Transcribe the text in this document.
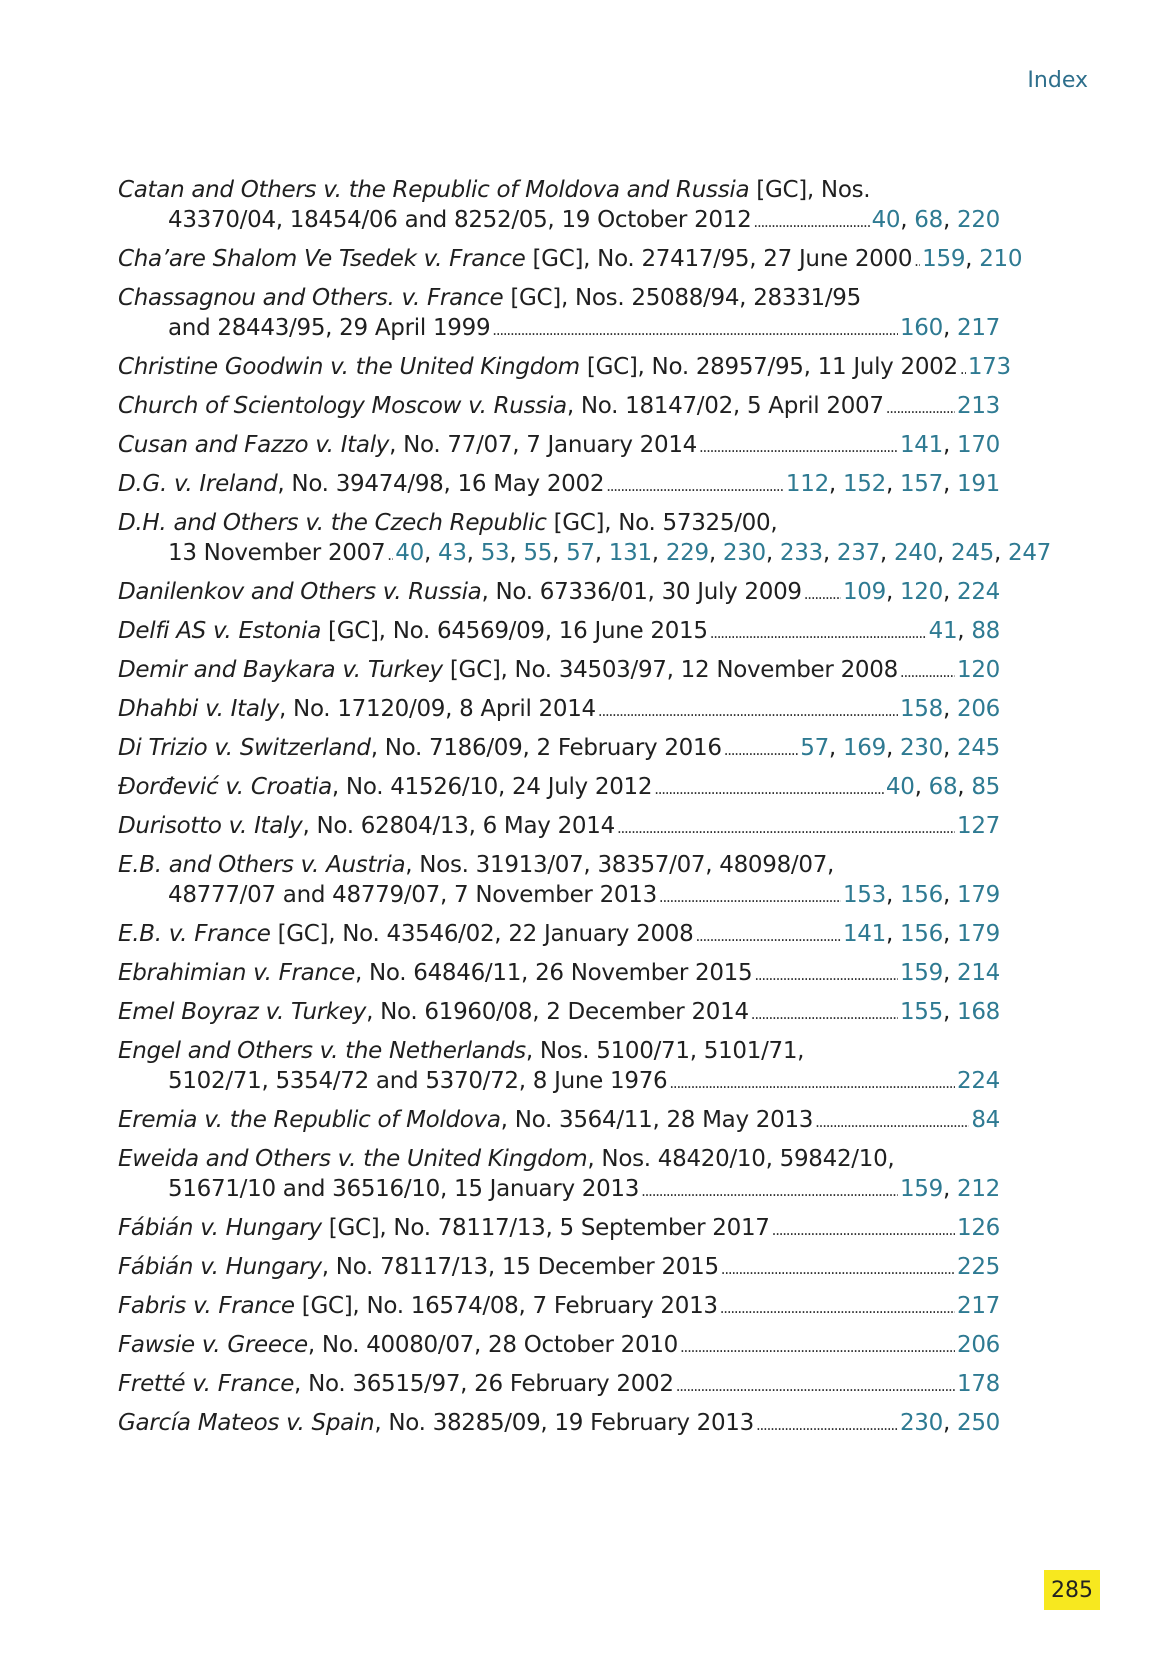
Index
Catan and Others v. the Republic of Moldova and Russia [GC], Nos.
43370/04, 18454/06 and 8252/05, 19 October 2012 . . .	40, 68, 220
Cha’are Shalom Ve Tsedek v. France [GC], No. 27417/95, 27 June 2000 . . . 159, 210
Chassagnou and Others. v. France [GC], Nos. 25088/94, 28331/95
and 28443/95, 29 April 1999 . . .	160, 217
Christine Goodwin v. the United Kingdom [GC], No. 28957/95, 11 July 2002 . . . 173
Church of Scientology Moscow v. Russia , No. 18147/02, 5 April 2007 . . .	213
Cusan and Fazzo v. Italy , No. 77/07, 7 January 2014 . . .	141, 170
D.G. v. Ireland , No. 39474/98, 16 May 2002 . . .	112, 152, 157, 191
D.H. and Others v. the Czech Republic [GC], No. 57325/00,
13 November 2007 . . . 40, 43, 53, 55, 57, 131, 229, 230, 233, 237, 240, 245, 247
Danilenkov and Others v. Russia , No. 67336/01, 30 July 2009 . . . 109, 120, 224
Delfi AS v. Estonia [GC], No. 64569/09, 16 June 2015 . . .	41, 88
Demir and Baykara v. Turkey [GC], No. 34503/97, 12 November 2008 . . .	120
Dhahbi v. Italy , No. 17120/09, 8 April 2014 . . .	158, 206
Di Trizio v. Switzerland , No. 7186/09, 2 February 2016 . . .	57, 169, 230, 245
Đorđević v. Croatia , No. 41526/10, 24 July 2012 . . .	40, 68, 85
Durisotto v. Italy , No. 62804/13, 6 May 2014 . . .	127
E.B. and Others v. Austria, Nos. 31913/07, 38357/07, 48098/07,
48777/07 and 48779/07, 7 November 2013 . . .	153, 156, 179
E.B. v. France [GC], No. 43546/02, 22 January 2008 . . .	141, 156, 179
Ebrahimian v. France , No. 64846/11, 26 November 2015 . . .	159, 214
Emel Boyraz v. Turkey , No. 61960/08, 2 December 2014 . . .	155, 168
Engel and Others v. the Netherlands, Nos. 5100/71, 5101/71,
5102/71, 5354/72 and 5370/72, 8 June 1976 . . .	224
Eremia v. the Republic of Moldova , No. 3564/11, 28 May 2013 . . .	84
Eweida and Others v. the United Kingdom, Nos. 48420/10, 59842/10,
51671/10 and 36516/10, 15 January 2013 . . .	159, 212
Fábián v. Hungary [GC], No. 78117/13, 5 September 2017 . . .	126
Fábián v. Hungary , No. 78117/13, 15 December 2015 . . .	225
Fabris v. France [GC], No. 16574/08, 7 February 2013 . . .	217
Fawsie v. Greece , No. 40080/07, 28 October 2010 . . .	206
Fretté v. France , No. 36515/97, 26 February 2002 . . .	178
García Mateos v. Spain , No. 38285/09, 19 February 2013 . . .	230, 250
285
